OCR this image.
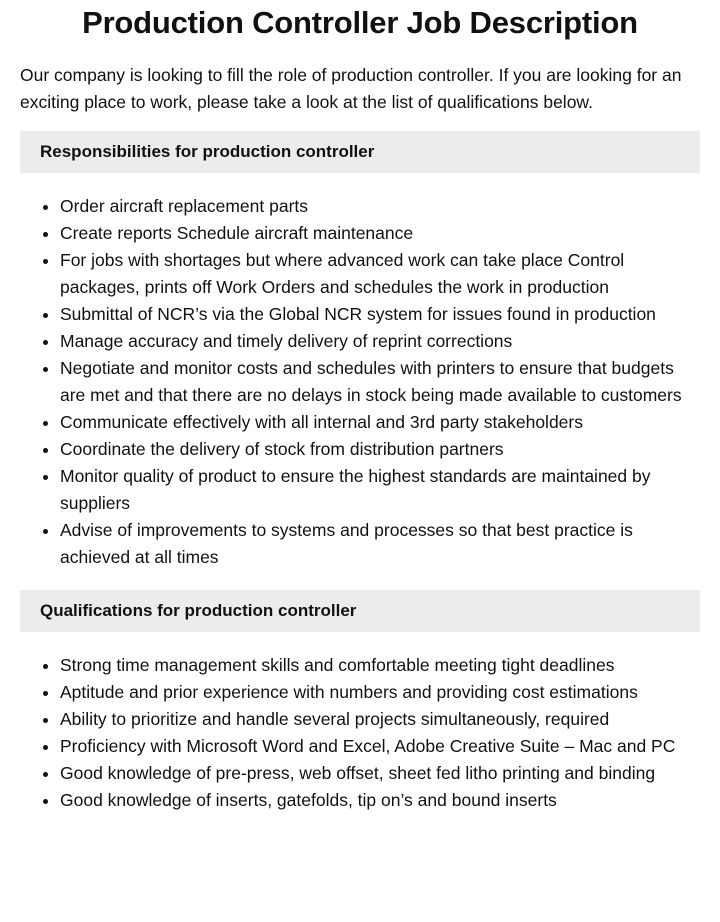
Production Controller Job Description

Our company is looking to fill the role of production controller. If you are looking for an exciting place to work, please take a look at the list of qualifications below.

Responsibilities for production controller
• Order aircraft replacement parts
• Create reports Schedule aircraft maintenance
• For jobs with shortages but where advanced work can take place Control packages, prints off Work Orders and schedules the work in production
• Submittal of NCR’s via the Global NCR system for issues found in production
• Manage accuracy and timely delivery of reprint corrections
• Negotiate and monitor costs and schedules with printers to ensure that budgets are met and that there are no delays in stock being made available to customers
• Communicate effectively with all internal and 3rd party stakeholders
• Coordinate the delivery of stock from distribution partners
• Monitor quality of product to ensure the highest standards are maintained by suppliers
• Advise of improvements to systems and processes so that best practice is achieved at all times
Qualifications for production controller
• Strong time management skills and comfortable meeting tight deadlines
• Aptitude and prior experience with numbers and providing cost estimations
• Ability to prioritize and handle several projects simultaneously, required
• Proficiency with Microsoft Word and Excel, Adobe Creative Suite – Mac and PC
• Good knowledge of pre-press, web offset, sheet fed litho printing and binding
• Good knowledge of inserts, gatefolds, tip on’s and bound inserts
